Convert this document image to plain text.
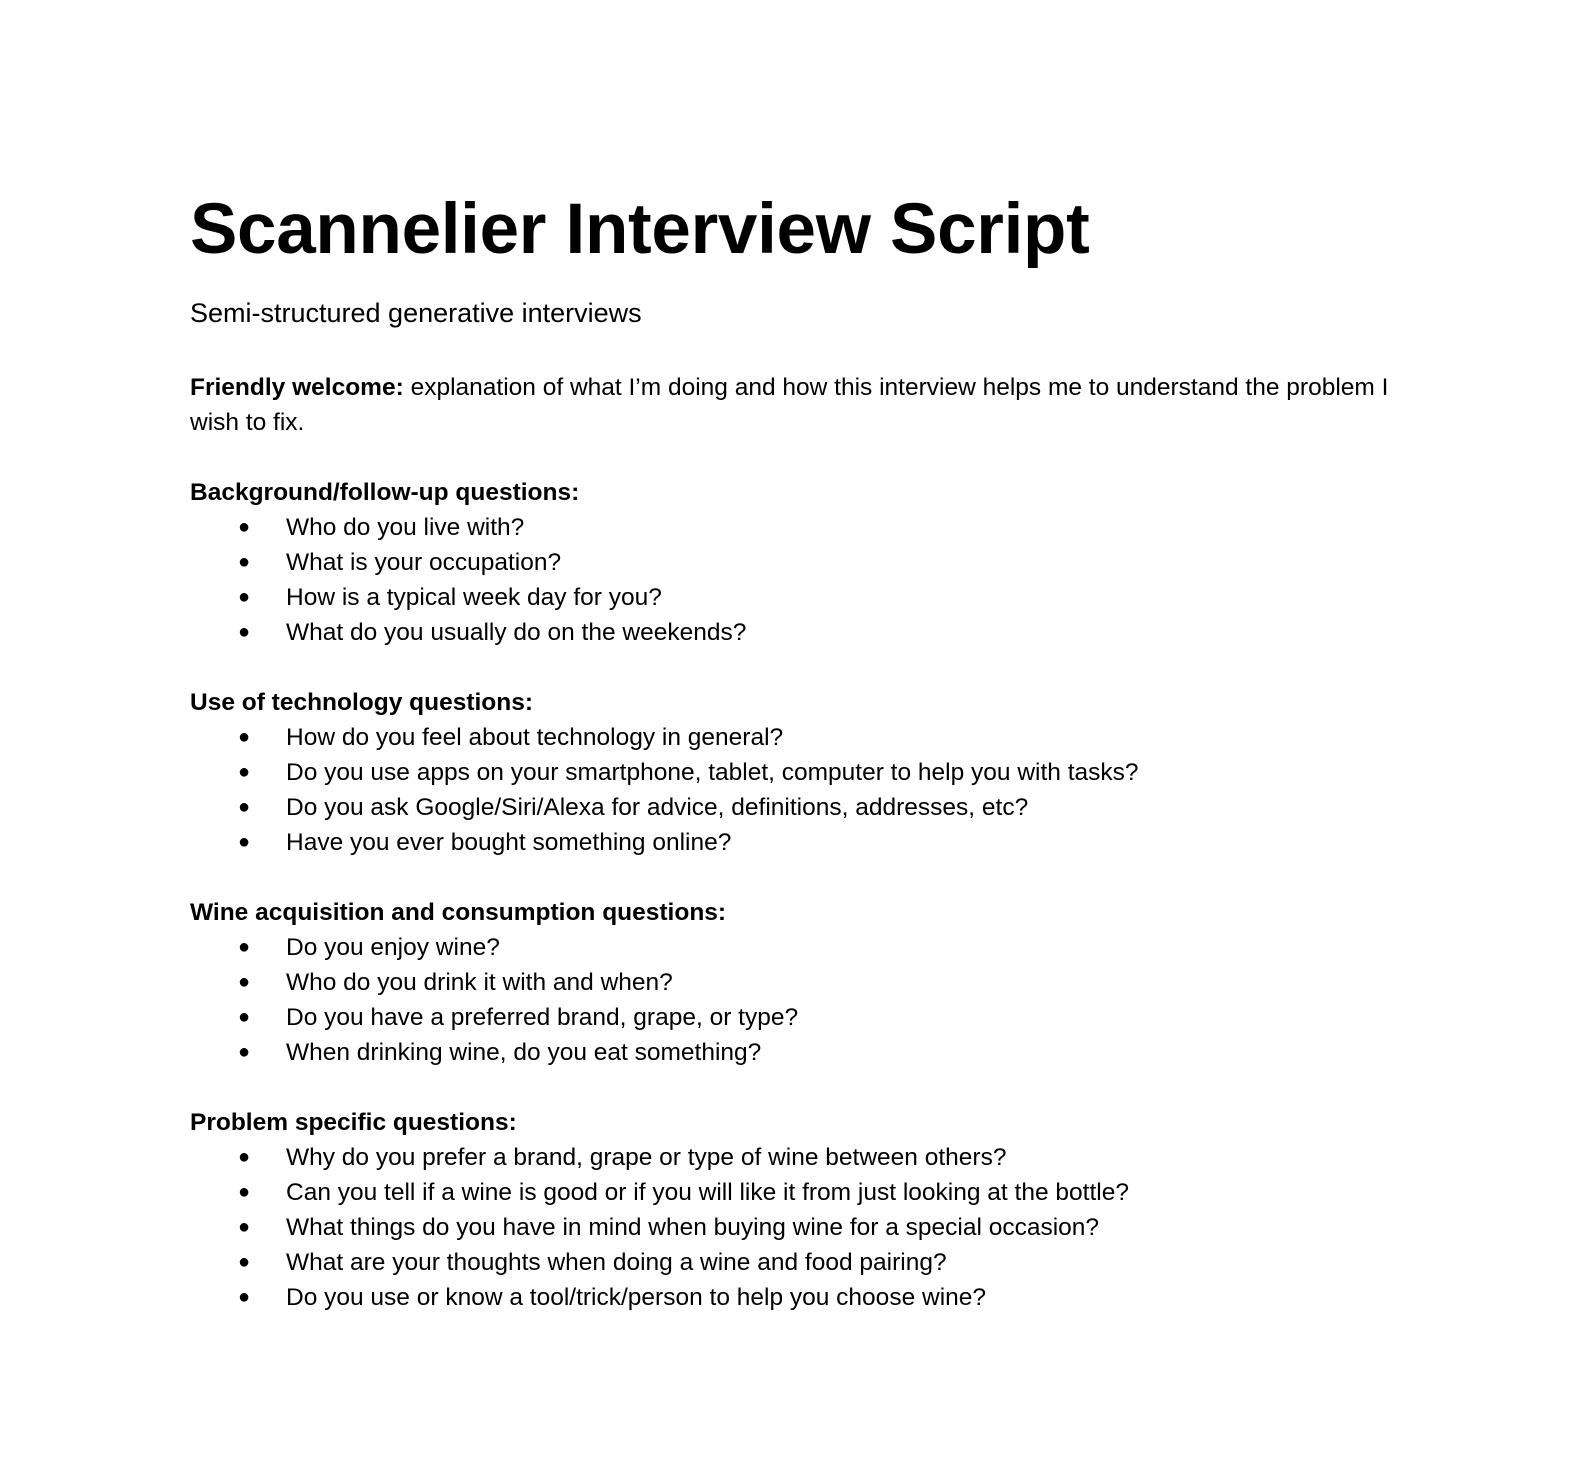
Scannelier Interview Script

Semi-structured generative interviews

Friendly welcome: explanation of what I’m doing and how this interview helps me to understand the problem I wish to fix.

Background/follow-up questions:

● Who do you live with?
● What is your occupation?
● How is a typical week day for you?
● What do you usually do on the weekends?

Use of technology questions:

● How do you feel about technology in general?
● Do you use apps on your smartphone, tablet, computer to help you with tasks?
● Do you ask Google/Siri/Alexa for advice, definitions, addresses, etc?
● Have you ever bought something online?

Wine acquisition and consumption questions:

● Do you enjoy wine?
● Who do you drink it with and when?
● Do you have a preferred brand, grape, or type?
● When drinking wine, do you eat something?

Problem specific questions:

● Why do you prefer a brand, grape or type of wine between others?
● Can you tell if a wine is good or if you will like it from just looking at the bottle?
● What things do you have in mind when buying wine for a special occasion?
● What are your thoughts when doing a wine and food pairing?
● Do you use or know a tool/trick/person to help you choose wine?
